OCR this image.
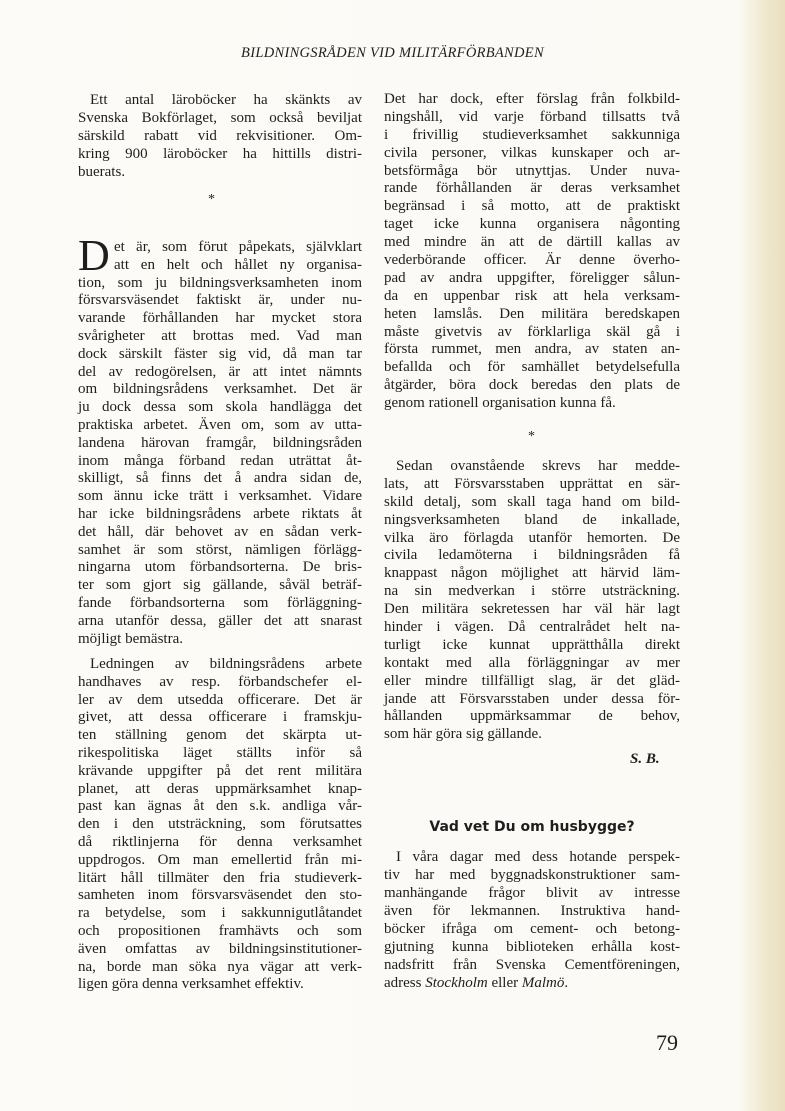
BILDNINGSRÅDEN VID MILITÄRFÖRBANDEN
Ett antal läroböcker ha skänkts av
Svenska Bokförlaget, som också beviljat
särskild rabatt vid rekvisitioner. Om-
kring 900 läroböcker ha hittills distri-
buerats.
*
D et är, som förut påpekats, självklart
att en helt och hållet ny organisa-
tion, som ju bildningsverksamheten inom
försvarsväsendet faktiskt är, under nu-
varande förhållanden har mycket stora
svårigheter att brottas med. Vad man
dock särskilt fäster sig vid, då man tar
del av redogörelsen, är att intet nämnts
om bildningsrådens verksamhet. Det är
ju dock dessa som skola handlägga det
praktiska arbetet. Även om, som av utta-
landena härovan framgår, bildningsråden
inom många förband redan uträttat åt-
skilligt, så finns det å andra sidan de,
som ännu icke trätt i verksamhet. Vidare
har icke bildningsrådens arbete riktats åt
det håll, där behovet av en sådan verk-
samhet är som störst, nämligen förlägg-
ningarna utom förbandsorterna. De bris-
ter som gjort sig gällande, såväl beträf-
fande förbandsorterna som förläggning-
arna utanför dessa, gäller det att snarast
möjligt bemästra.
Ledningen av bildningsrådens arbete
handhaves av resp. förbandschefer el-
ler av dem utsedda officerare. Det är
givet, att dessa officerare i framskju-
ten ställning genom det skärpta ut-
rikespolitiska läget ställts inför så
krävande uppgifter på det rent militära
planet, att deras uppmärksamhet knap-
past kan ägnas åt den s.k. andliga vår-
den i den utsträckning, som förutsattes
då riktlinjerna för denna verksamhet
uppdrogos. Om man emellertid från mi-
litärt håll tillmäter den fria studieverk-
samheten inom försvarsväsendet den sto-
ra betydelse, som i sakkunnigutlåtandet
och propositionen framhävts och som
även omfattas av bildningsinstitutioner-
na, borde man söka nya vägar att verk-
ligen göra denna verksamhet effektiv.
Det har dock, efter förslag från folkbild-
ningshåll, vid varje förband tillsatts två
i frivillig studieverksamhet sakkunniga
civila personer, vilkas kunskaper och ar-
betsförmåga bör utnyttjas. Under nuva-
rande förhållanden är deras verksamhet
begränsad i så motto, att de praktiskt
taget icke kunna organisera någonting
med mindre än att de därtill kallas av
vederbörande officer. Är denne överho-
pad av andra uppgifter, föreligger sålun-
da en uppenbar risk att hela verksam-
heten lamslås. Den militära beredskapen
måste givetvis av förklarliga skäl gå i
första rummet, men andra, av staten an-
befallda och för samhället betydelsefulla
åtgärder, böra dock beredas den plats de
genom rationell organisation kunna få.
*
Sedan ovanstående skrevs har medde-
lats, att Försvarsstaben upprättat en sär-
skild detalj, som skall taga hand om bild-
ningsverksamheten bland de inkallade,
vilka äro förlagda utanför hemorten. De
civila ledamöterna i bildningsråden få
knappast någon möjlighet att härvid läm-
na sin medverkan i större utsträckning.
Den militära sekretessen har väl här lagt
hinder i vägen. Då centralrådet helt na-
turligt icke kunnat upprätthålla direkt
kontakt med alla förläggningar av mer
eller mindre tillfälligt slag, är det gläd-
jande att Försvarsstaben under dessa för-
hållanden uppmärksammar de behov,
som här göra sig gällande.
S. B.
Vad vet Du om husbygge?
I våra dagar med dess hotande perspek-
tiv har med byggnadskonstruktioner sam-
manhängande frågor blivit av intresse
även för lekmannen. Instruktiva hand-
böcker ifråga om cement- och betong-
gjutning kunna biblioteken erhålla kost-
nadsfritt från Svenska Cementföreningen,
adress Stockholm eller Malmö.
79
